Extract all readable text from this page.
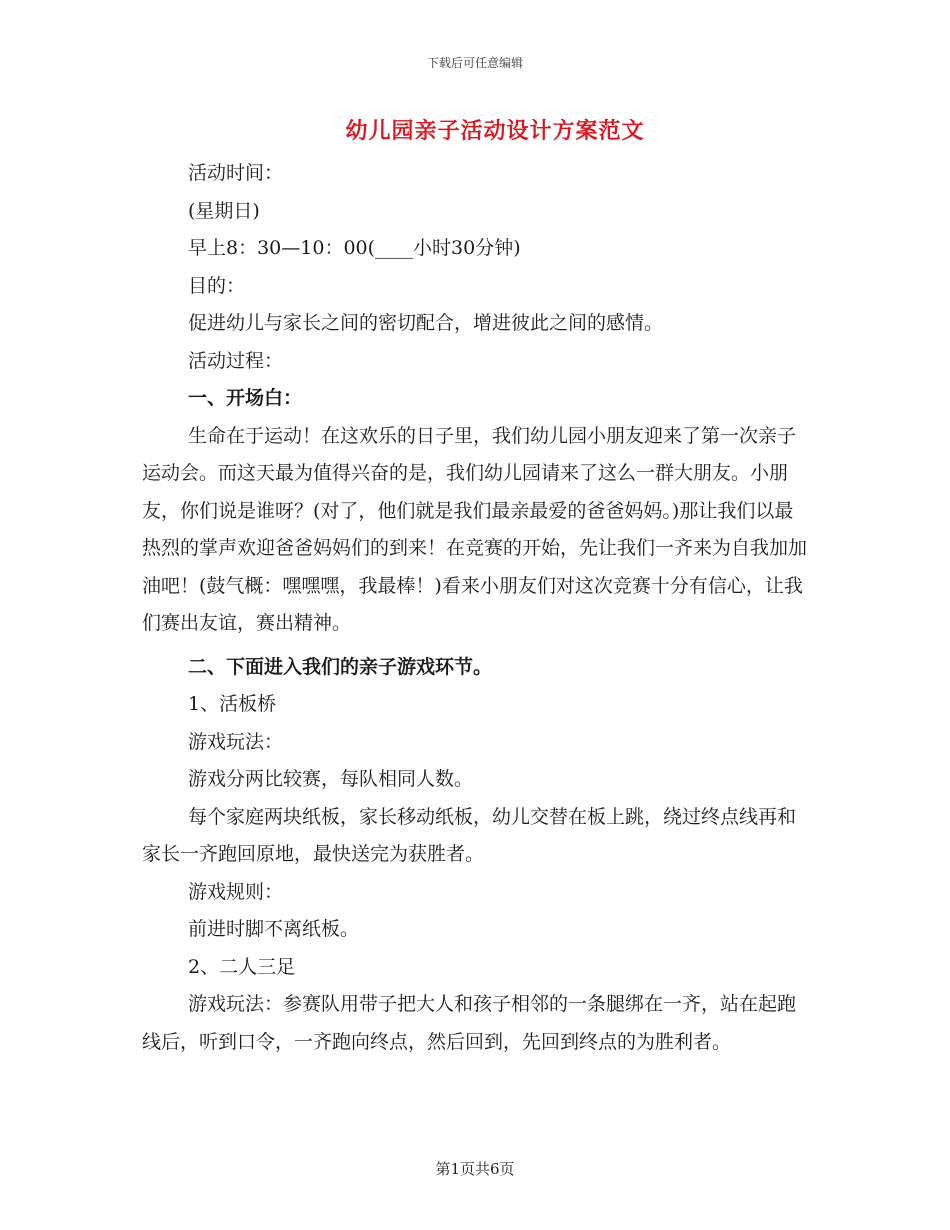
下载后可任意编辑
幼儿园亲子活动设计方案范文

活动时间：

(星期日)

早上8：30—10：00(____小时30分钟)

目的：

促进幼儿与家长之间的密切配合，增进彼此之间的感情。

活动过程：

一、开场白：

生命在于运动！在这欢乐的日子里，我们幼儿园小朋友迎来了第一次亲子运动会。而这天最为值得兴奋的是，我们幼儿园请来了这么一群大朋友。小朋友，你们说是谁呀？(对了，他们就是我们最亲最爱的爸爸妈妈。)那让我们以最热烈的掌声欢迎爸爸妈妈们的到来！在竞赛的开始，先让我们一齐来为自我加加油吧！(鼓气概：嘿嘿嘿，我最棒！)看来小朋友们对这次竞赛十分有信心，让我们赛出友谊，赛出精神。

二、下面进入我们的亲子游戏环节。

1、活板桥

游戏玩法：

游戏分两比较赛，每队相同人数。

每个家庭两块纸板，家长移动纸板，幼儿交替在板上跳，绕过终点线再和家长一齐跑回原地，最快送完为获胜者。

游戏规则：

前进时脚不离纸板。

2、二人三足

游戏玩法：参赛队用带子把大人和孩子相邻的一条腿绑在一齐，站在起跑线后，听到口令，一齐跑向终点，然后回到，先回到终点的为胜利者。

第1页共6页
